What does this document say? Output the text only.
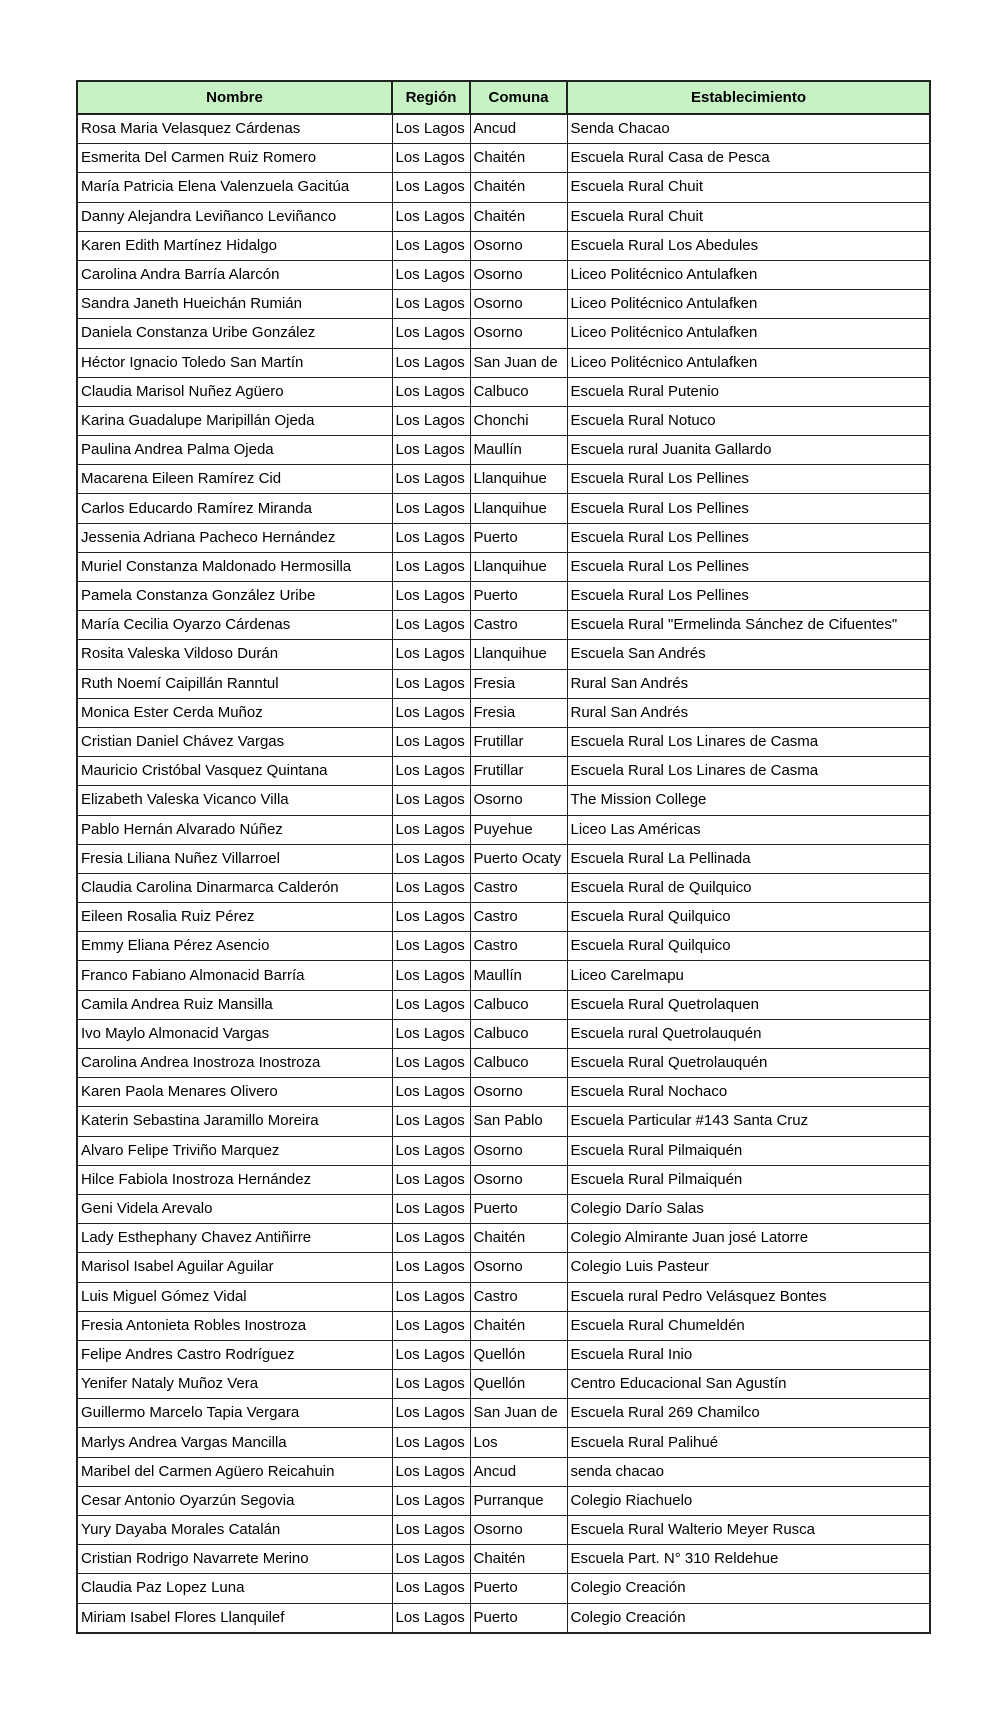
Nombre	Región	Comuna	Establecimiento
Rosa Maria Velasquez Cárdenas	Los Lagos	Ancud	Senda Chacao
Esmerita Del Carmen Ruiz Romero	Los Lagos	Chaitén	Escuela Rural Casa de Pesca
María Patricia Elena Valenzuela Gacitúa	Los Lagos	Chaitén	Escuela Rural Chuit
Danny Alejandra Leviñanco Leviñanco	Los Lagos	Chaitén	Escuela Rural Chuit
Karen Edith Martínez Hidalgo	Los Lagos	Osorno	Escuela Rural Los Abedules
Carolina Andra Barría Alarcón	Los Lagos	Osorno	Liceo Politécnico Antulafken
Sandra Janeth Hueichán Rumián	Los Lagos	Osorno	Liceo Politécnico Antulafken
Daniela Constanza Uribe González	Los Lagos	Osorno	Liceo Politécnico Antulafken
Héctor Ignacio Toledo San Martín	Los Lagos	San Juan de	Liceo Politécnico Antulafken
Claudia Marisol Nuñez Agüero	Los Lagos	Calbuco	Escuela Rural Putenio
Karina Guadalupe Maripillán Ojeda	Los Lagos	Chonchi	Escuela Rural Notuco
Paulina Andrea Palma Ojeda	Los Lagos	Maullín	Escuela rural Juanita Gallardo
Macarena Eileen Ramírez Cid	Los Lagos	Llanquihue	Escuela Rural Los Pellines
Carlos Educardo Ramírez Miranda	Los Lagos	Llanquihue	Escuela Rural Los Pellines
Jessenia Adriana Pacheco Hernández	Los Lagos	Puerto	Escuela Rural Los Pellines
Muriel Constanza Maldonado Hermosilla	Los Lagos	Llanquihue	Escuela Rural Los Pellines
Pamela Constanza González Uribe	Los Lagos	Puerto	Escuela Rural Los Pellines
María Cecilia Oyarzo Cárdenas	Los Lagos	Castro	Escuela Rural "Ermelinda Sánchez de Cifuentes"
Rosita Valeska Vildoso Durán	Los Lagos	Llanquihue	Escuela San Andrés
Ruth Noemí Caipillán Ranntul	Los Lagos	Fresia	Rural San Andrés
Monica Ester Cerda Muñoz	Los Lagos	Fresia	Rural San Andrés
Cristian Daniel Chávez Vargas	Los Lagos	Frutillar	Escuela Rural Los Linares de Casma
Mauricio Cristóbal Vasquez Quintana	Los Lagos	Frutillar	Escuela Rural Los Linares de Casma
Elizabeth Valeska Vicanco Villa	Los Lagos	Osorno	The Mission College
Pablo Hernán Alvarado Núñez	Los Lagos	Puyehue	Liceo Las Américas
Fresia Liliana Nuñez Villarroel	Los Lagos	Puerto Ocaty	Escuela Rural La Pellinada
Claudia Carolina Dinarmarca Calderón	Los Lagos	Castro	Escuela Rural de Quilquico
Eileen Rosalia Ruiz Pérez	Los Lagos	Castro	Escuela Rural Quilquico
Emmy Eliana Pérez Asencio	Los Lagos	Castro	Escuela Rural Quilquico
Franco Fabiano Almonacid Barría	Los Lagos	Maullín	Liceo Carelmapu
Camila Andrea Ruiz Mansilla	Los Lagos	Calbuco	Escuela Rural Quetrolaquen
Ivo Maylo Almonacid Vargas	Los Lagos	Calbuco	Escuela rural Quetrolauquén
Carolina Andrea Inostroza Inostroza	Los Lagos	Calbuco	Escuela Rural Quetrolauquén
Karen Paola Menares Olivero	Los Lagos	Osorno	Escuela Rural Nochaco
Katerin Sebastina Jaramillo Moreira	Los Lagos	San Pablo	Escuela Particular #143 Santa Cruz
Alvaro Felipe Triviño Marquez	Los Lagos	Osorno	Escuela Rural Pilmaiquén
Hilce Fabiola Inostroza Hernández	Los Lagos	Osorno	Escuela Rural Pilmaiquén
Geni Videla Arevalo	Los Lagos	Puerto	Colegio Darío Salas
Lady Esthephany Chavez Antiñirre	Los Lagos	Chaitén	Colegio Almirante Juan josé Latorre
Marisol Isabel Aguilar Aguilar	Los Lagos	Osorno	Colegio Luis Pasteur
Luis Miguel Gómez Vidal	Los Lagos	Castro	Escuela rural Pedro Velásquez Bontes
Fresia Antonieta Robles Inostroza	Los Lagos	Chaitén	Escuela Rural Chumeldén
Felipe Andres Castro Rodríguez	Los Lagos	Quellón	Escuela Rural Inio
Yenifer Nataly Muñoz Vera	Los Lagos	Quellón	Centro Educacional San Agustín
Guillermo Marcelo Tapia Vergara	Los Lagos	San Juan de	Escuela Rural 269 Chamilco
Marlys Andrea Vargas Mancilla	Los Lagos	Los	Escuela Rural Palihué
Maribel del Carmen Agüero Reicahuin	Los Lagos	Ancud	senda chacao
Cesar Antonio Oyarzún Segovia	Los Lagos	Purranque	Colegio Riachuelo
Yury Dayaba Morales Catalán	Los Lagos	Osorno	Escuela Rural Walterio Meyer Rusca
Cristian Rodrigo Navarrete Merino	Los Lagos	Chaitén	Escuela Part. N° 310 Reldehue
Claudia Paz Lopez Luna	Los Lagos	Puerto	Colegio Creación
Miriam Isabel Flores Llanquilef	Los Lagos	Puerto	Colegio Creación
